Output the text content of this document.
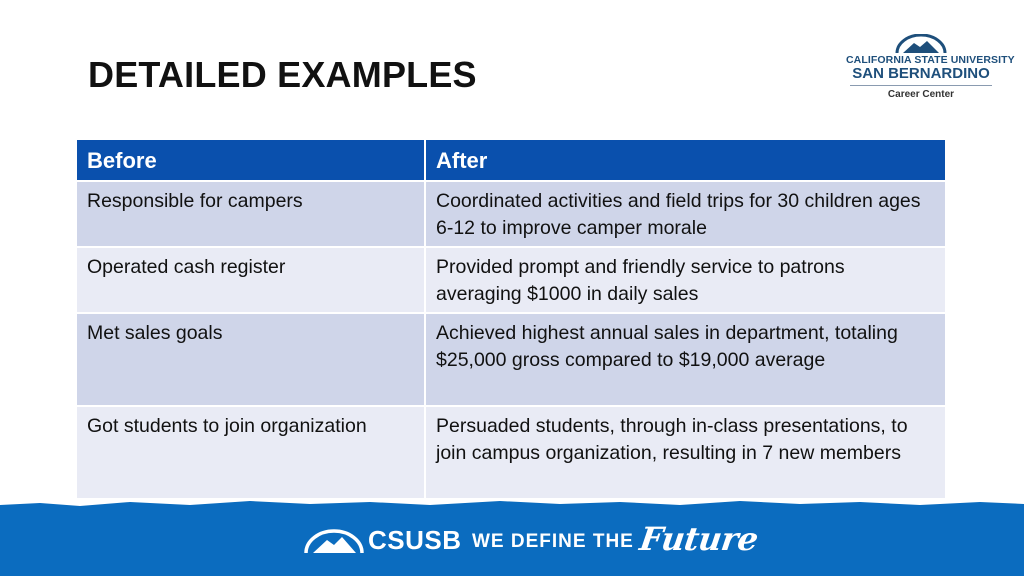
DETAILED EXAMPLES	CALIFORNIA STATE UNIVERSITY
SAN BERNARDINO
Career Center
Before	After
Responsible for campers	Coordinated activities and field trips for 30 children ages 6-12 to improve camper morale
Operated cash register	Provided prompt and friendly service to patrons averaging $1000 in daily sales
Met sales goals	Achieved highest annual sales in department, totaling $25,000 gross compared to $19,000 average
Got students to join organization	Persuaded students, through in-class presentations, to join campus organization, resulting in 7 new members
CSUSB WE DEFINE THE Future
